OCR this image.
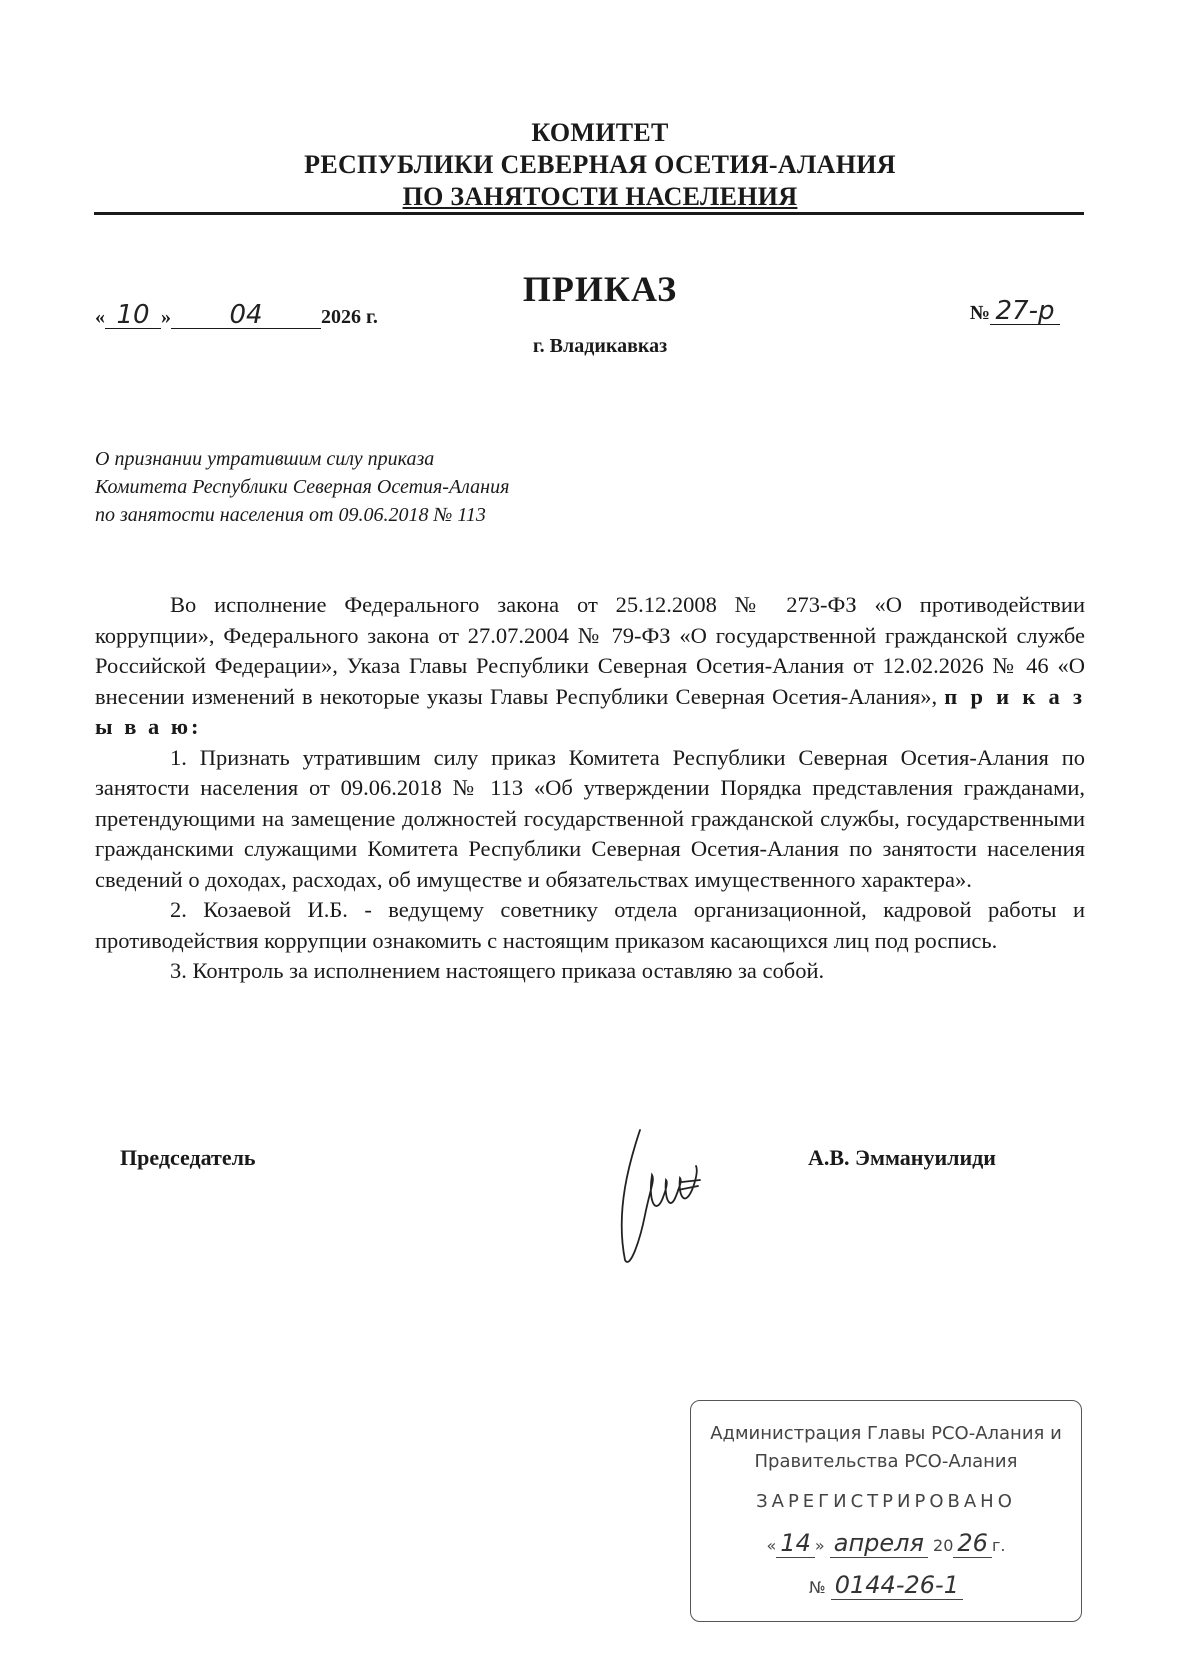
КОМИТЕТ
РЕСПУБЛИКИ СЕВЕРНАЯ ОСЕТИЯ-АЛАНИЯ
ПО ЗАНЯТОСТИ НАСЕЛЕНИЯ
ПРИКАЗ
« 10 » 04	2026 г.	№ 27-р
г. Владикавказ
О признании утратившим силу приказа
Комитета Республики Северная Осетия-Алания
по занятости населения от 09.06.2018 № 113

Во исполнение Федерального закона от 25.12.2008 № 273-ФЗ «О противодействии коррупции», Федерального закона от 27.07.2004 № 79-ФЗ «О государственной гражданской службе Российской Федерации», Указа Главы Республики Северная Осетия-Алания от 12.02.2026 № 46 «О внесении изменений в некоторые указы Главы Республики Северная Осетия-Алания», п р и к а з ы в а ю:

1. Признать утратившим силу приказ Комитета Республики Северная Осетия-Алания по занятости населения от 09.06.2018 № 113 «Об утверждении Порядка представления гражданами, претендующими на замещение должностей государственной гражданской службы, государственными гражданскими служащими Комитета Республики Северная Осетия-Алания по занятости населения сведений о доходах, расходах, об имуществе и обязательствах имущественного характера».

2. Козаевой И.Б. - ведущему советнику отдела организационной, кадровой работы и противодействия коррупции ознакомить с настоящим приказом касающихся лиц под роспись.

3. Контроль за исполнением настоящего приказа оставляю за собой.

Председатель	А.В. Эммануилиди
Администрация Главы РСО-Алания и
Правительства РСО-Алания
ЗАРЕГИСТРИРОВАНО
« 14 » апреля 20 26 г.
№ 0144-26-1
